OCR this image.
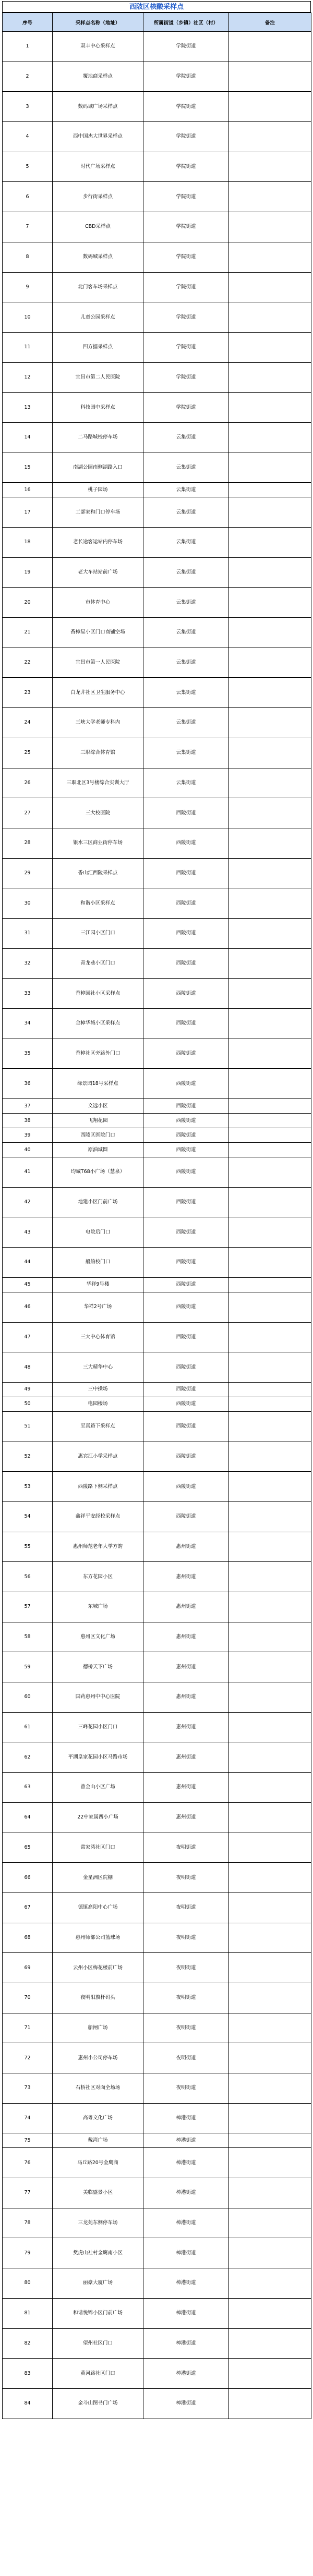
西陂区核酸采样点
序号	采样点名称（地址）	所属街道（乡镇）社区（村）	备注
1	双丰中心采样点	学院街道	
2	覆地商采样点	学院街道	
3	数码城广场采样点	学院街道	
4	西中国杰大世界采样点	学院街道	
5	时代广场采样点	学院街道	
6	步行街采样点	学院街道	
7	CBD采样点	学院街道	
8	数码城采样点	学院街道	
9	北门客车场采样点	学院街道	
10	儿童公园采样点	学院街道	
11	四方擂采样点	学院街道	
12	宜昌市第二人民医院	学院街道	
13	科技园中采样点	学院街道	
14	二马路城校停车场	云集街道	
15	南湖公园南侧湖路入口	云集街道	
16	桃子园场	云集街道	
17	工部家和门口停车场	云集街道	
18	老长途客运站内停车场	云集街道	
19	老大车站站前广场	云集街道	
20	市体育中心	云集街道	
21	香樟星小区门口商铺空场	云集街道	
22	宜昌市第一人民医院	云集街道	
23	白龙井社区卫生服务中心	云集街道	
24	三峡大学老师专科内	云集街道	
25	三职综合体育馆	云集街道	
26	三职北区3号楼综合实训大厅	云集街道	
27	三大校医院	西陵街道	
28	银水三区商业街停车场	西陵街道	
29	香山汇西陵采样点	西陵街道	
30	和谐小区采样点	西陵街道	
31	三江园小区门口	西陵街道	
32	青龙巷小区门口	西陵街道	
33	香樟园社小区采样点	西陵街道	
34	金樟华城小区采样点	西陵街道	
35	香樟社区旁路外门口	西陵街道	
36	绿景园18号采样点	西陵街道	
37	文远小区	西陵街道	
38	飞翔花园	西陵街道	
39	西陵区医院门口	西陵街道	
40	原油城圆	西陵街道	
41	均城T68小广场（慧泉）	西陵街道	
42	地建小区门前广场	西陵街道	
43	电院后门口	西陵街道	
44	船舶校门口	西陵街道	
45	华祥9号楼	西陵街道	
46	华祥2号广场	西陵街道	
47	三大中心体育馆	西陵街道	
48	三大精华中心	西陵街道	
49	三中操场	西陵街道	
50	电园楼场	西陵街道	
51	至真路下采样点	西陵街道	
52	惠宾江小学采样点	西陵街道	
53	西陵路下侧采样点	西陵街道	
54	鑫祥平安经校采样点	西陵街道	
55	惠州师范老年大学方韵	惠州街道	
56	东方花园小区	惠州街道	
57	东城广场	惠州街道	
58	惠州区文化广场	惠州街道	
59	德桥天下广场	惠州街道	
60	国药惠州中中心医院	惠州街道	
61	三峰花园小区门口	惠州街道	
62	平湖皇家花园小区马路市场	惠州街道	
63	曾金山小区广场	惠州街道	
64	22中家属西小广场	惠州街道	
65	常家湾社区门口	夜明街道	
66	金星洲区院棚	夜明街道	
67	德镇高阳中心广场	夜明街道	
68	惠州师部公司篮球场	夜明街道	
69	云州小区梅花楼前广场	夜明街道	
70	夜明阳旗杆码头	夜明街道	
71	船闸广场	夜明街道	
72	惠州小公司停车场	夜明街道	
73	石桥社区对面全场场	夜明街道	
74	高粤文化广场	樟港街道	
75	戴湾广场	樟港街道	
76	马丘路20号金鹰商	樟港街道	
77	美临盛景小区	樟港街道	
78	三龙苑东侧停车场	樟港街道	
79	樊虎山社村金鹰南小区	樟港街道	
80	丽豪大厦广场	樟港街道	
81	和谐悦锦小区门前广场	樟港街道	
82	望州社区门口	樟港街道	
83	黄河路社区门口	樟港街道	
84	金斗山图书门广场	樟港街道	
